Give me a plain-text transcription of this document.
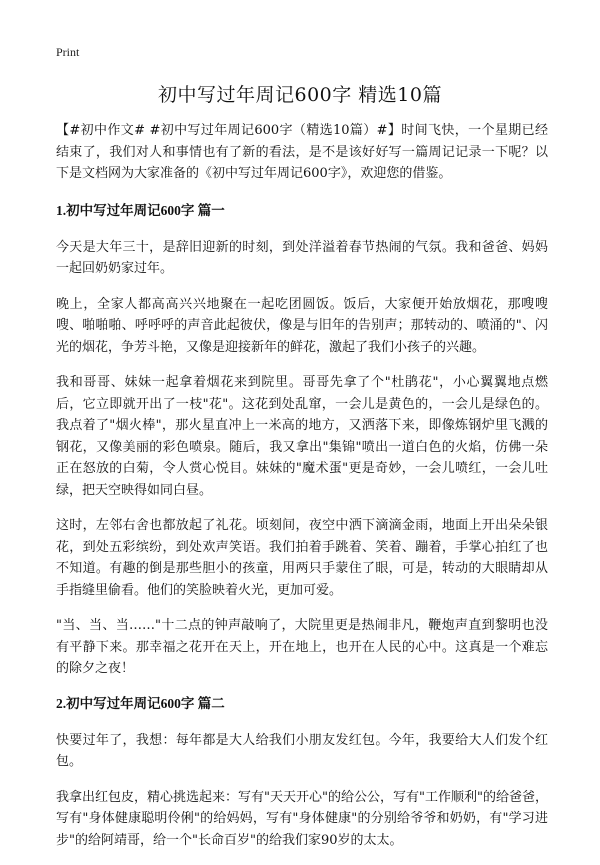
Print
初中写过年周记600字 精选10篇

【#初中作文# #初中写过年周记600字（精选10篇）#】时间飞快，一个星期已经结束了，我们对人和事情也有了新的看法，是不是该好好写一篇周记记录一下呢？以下是文档网为大家准备的《初中写过年周记600字》，欢迎您的借鉴。

1.初中写过年周记600字 篇一

今天是大年三十，是辞旧迎新的时刻，到处洋溢着春节热闹的气氛。我和爸爸、妈妈一起回奶奶家过年。

晚上，全家人都高高兴兴地聚在一起吃团圆饭。饭后，大家便开始放烟花，那嗖嗖嗖、啪啪啪、呼呼呼的声音此起彼伏，像是与旧年的告别声；那转动的、喷涌的"、闪光的烟花，争芳斗艳，又像是迎接新年的鲜花，激起了我们小孩子的兴趣。

我和哥哥、妹妹一起拿着烟花来到院里。哥哥先拿了个"杜鹃花"，小心翼翼地点燃后，它立即就开出了一枝"花"。这花到处乱窜，一会儿是黄色的，一会儿是绿色的。我点着了"烟火棒"，那火星直冲上一米高的地方，又洒落下来，即像炼钢炉里飞溅的钢花，又像美丽的彩色喷泉。随后，我又拿出"集锦"喷出一道白色的火焰，仿佛一朵正在怒放的白菊，令人赏心悦目。妹妹的"魔术蛋"更是奇妙，一会儿喷红，一会儿吐绿，把天空映得如同白昼。

这时，左邻右舍也都放起了礼花。顷刻间，夜空中洒下滴滴金雨，地面上开出朵朵银花，到处五彩缤纷，到处欢声笑语。我们拍着手跳着、笑着、蹦着，手掌心拍红了也不知道。有趣的倒是那些胆小的孩童，用两只手蒙住了眼，可是，转动的大眼睛却从手指缝里偷看。他们的笑脸映着火光，更加可爱。

"当、当、当……"十二点的钟声敲响了，大院里更是热闹非凡，鞭炮声直到黎明也没有平静下来。那幸福之花开在天上，开在地上，也开在人民的心中。这真是一个难忘的除夕之夜！

2.初中写过年周记600字 篇二

快要过年了，我想：每年都是大人给我们小朋友发红包。今年，我要给大人们发个红包。

我拿出红包皮，精心挑选起来：写有"天天开心"的给公公，写有"工作顺利"的给爸爸，写有"身体健康聪明伶俐"的给妈妈，写有"身体健康"的分别给爷爷和奶奶，有"学习进步"的给阿靖哥，给一个"长命百岁"的给我们家90岁的太太。
